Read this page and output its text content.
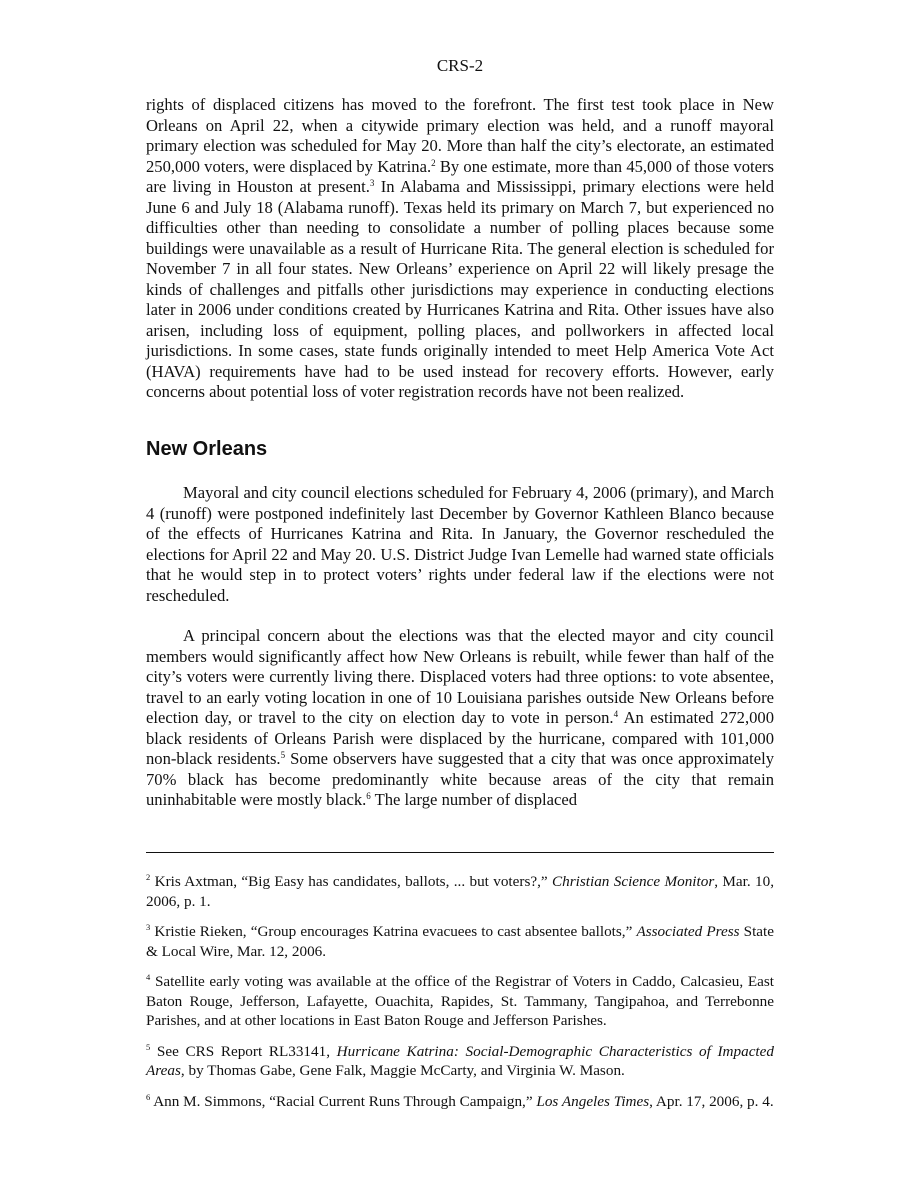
CRS-2

rights of displaced citizens has moved to the forefront. The first test took place in New Orleans on April 22, when a citywide primary election was held, and a runoff mayoral primary election was scheduled for May 20. More than half the city’s electorate, an estimated 250,000 voters, were displaced by Katrina.$^2$ By one estimate, more than 45,000 of those voters are living in Houston at present.$^3$ In Alabama and Mississippi, primary elections were held June 6 and July 18 (Alabama runoff). Texas held its primary on March 7, but experienced no difficulties other than needing to consolidate a number of polling places because some buildings were unavailable as a result of Hurricane Rita. The general election is scheduled for November 7 in all four states. New Orleans’ experience on April 22 will likely presage the kinds of challenges and pitfalls other jurisdictions may experience in conducting elections later in 2006 under conditions created by Hurricanes Katrina and Rita. Other issues have also arisen, including loss of equipment, polling places, and pollworkers in affected local jurisdictions. In some cases, state funds originally intended to meet Help America Vote Act (HAVA) requirements have had to be used instead for recovery efforts. However, early concerns about potential loss of voter registration records have not been realized.

New Orleans

Mayoral and city council elections scheduled for February 4, 2006 (primary), and March 4 (runoff) were postponed indefinitely last December by Governor Kathleen Blanco because of the effects of Hurricanes Katrina and Rita. In January, the Governor rescheduled the elections for April 22 and May 20. U.S. District Judge Ivan Lemelle had warned state officials that he would step in to protect voters’ rights under federal law if the elections were not rescheduled.

A principal concern about the elections was that the elected mayor and city council members would significantly affect how New Orleans is rebuilt, while fewer than half of the city’s voters were currently living there. Displaced voters had three options: to vote absentee, travel to an early voting location in one of 10 Louisiana parishes outside New Orleans before election day, or travel to the city on election day to vote in person.$^4$ An estimated 272,000 black residents of Orleans Parish were displaced by the hurricane, compared with 101,000 non-black residents.$^5$ Some observers have suggested that a city that was once approximately 70% black has become predominantly white because areas of the city that remain uninhabitable were mostly black.$^6$ The large number of displaced

$^2$ Kris Axtman, “Big Easy has candidates, ballots, ... but voters?,” Christian Science Monitor, Mar. 10, 2006, p. 1.

$^3$ Kristie Rieken, “Group encourages Katrina evacuees to cast absentee ballots,” Associated Press State & Local Wire, Mar. 12, 2006.

$^4$ Satellite early voting was available at the office of the Registrar of Voters in Caddo, Calcasieu, East Baton Rouge, Jefferson, Lafayette, Ouachita, Rapides, St. Tammany, Tangipahoa, and Terrebonne Parishes, and at other locations in East Baton Rouge and Jefferson Parishes.

$^5$ See CRS Report RL33141, Hurricane Katrina: Social-Demographic Characteristics of Impacted Areas, by Thomas Gabe, Gene Falk, Maggie McCarty, and Virginia W. Mason.

$^6$ Ann M. Simmons, “Racial Current Runs Through Campaign,” Los Angeles Times, Apr. 17, 2006, p. 4.
